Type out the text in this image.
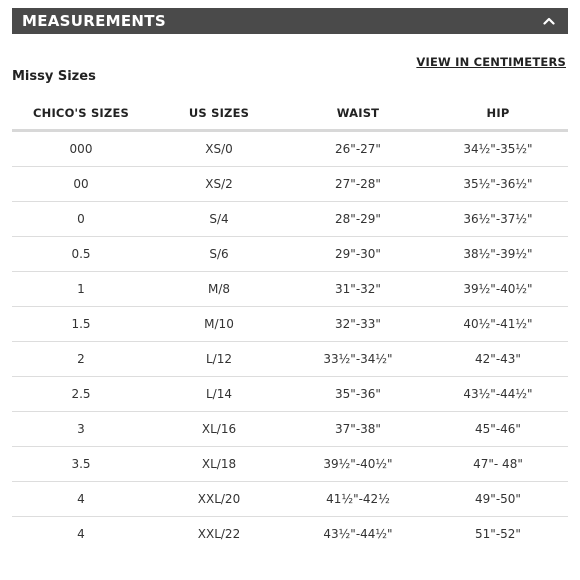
MEASUREMENTS
VIEW IN CENTIMETERS
Missy Sizes
CHICO'S SIZES	US SIZES	WAIST	HIP
000	XS/0	26"-27"	34½"-35½"
00	XS/2	27"-28"	35½"-36½"
0	S/4	28"-29"	36½"-37½"
0.5	S/6	29"-30"	38½"-39½"
1	M/8	31"-32"	39½"-40½"
1.5	M/10	32"-33"	40½"-41½"
2	L/12	33½"-34½"	42"-43"
2.5	L/14	35"-36"	43½"-44½"
3	XL/16	37"-38"	45"-46"
3.5	XL/18	39½"-40½"	47"- 48"
4	XXL/20	41½"-42½	49"-50"
4	XXL/22	43½"-44½"	51"-52"
